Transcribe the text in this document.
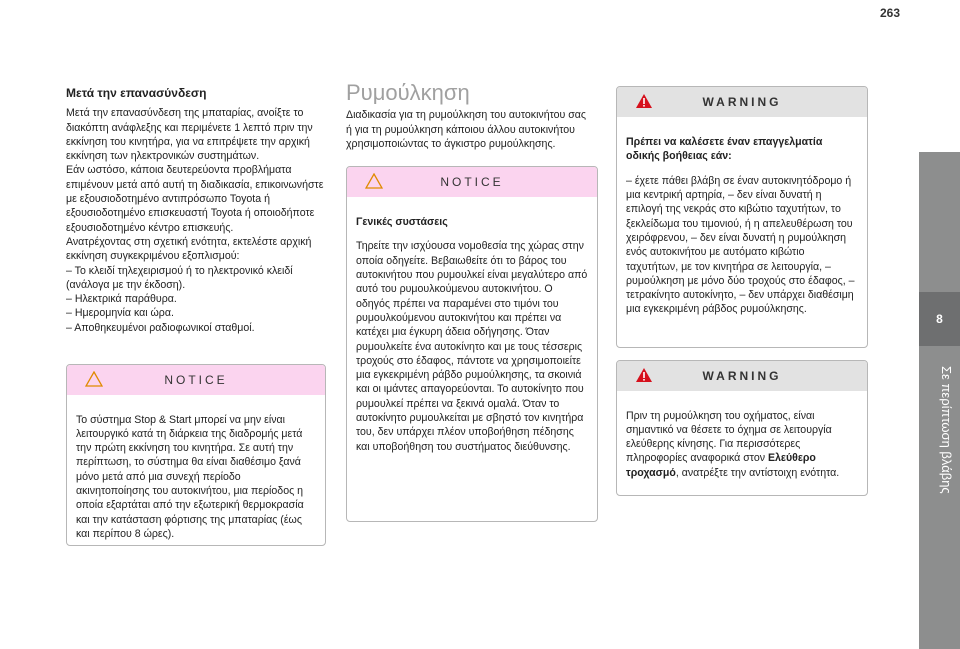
263
8
Σε περίπτωση βλάβης
Μετά την επανασύνδεση

Μετά την επανασύνδεση της μπαταρίας, ανοίξτε το
διακόπτη ανάφλεξης και περιμένετε 1 λεπτό πριν την
εκκίνηση του κινητήρα, για να επιτρέψετε την αρχική
εκκίνηση των ηλεκτρονικών συστημάτων.
Εάν ωστόσο, κάποια δευτερεύοντα προβλήματα
επιμένουν μετά από αυτή τη διαδικασία, επικοινωνήστε
με εξουσιοδοτημένο αντιπρόσωπο Toyota ή
εξουσιοδοτημένο επισκευαστή Toyota ή οποιοδήποτε
εξουσιοδοτημένο κέντρο επισκευής.
Ανατρέχοντας στη σχετική ενότητα, εκτελέστε αρχική
εκκίνηση συγκεκριμένου εξοπλισμού:
– Το κλειδί τηλεχειρισμού ή το ηλεκτρονικό κλειδί
(ανάλογα με την έκδοση).
– Ηλεκτρικά παράθυρα.
– Ημερομηνία και ώρα.
– Αποθηκευμένοι ραδιοφωνικοί σταθμοί.

NOTICE

Το σύστημα Stop & Start μπορεί να μην είναι λειτουργικό κατά τη διάρκεια της διαδρομής μετά την πρώτη εκκίνηση του κινητήρα. Σε αυτή την περίπτωση, το σύστημα θα είναι διαθέσιμο ξανά μόνο μετά από μια συνεχή περίοδο ακινητοποίησης του αυτοκινήτου, μια περίοδος η οποία εξαρτάται από την εξωτερική θερμοκρασία και την κατάσταση φόρτισης της μπαταρίας (έως και περίπου 8 ώρες).

Ρυμούλκηση

Διαδικασία για τη ρυμούλκηση του αυτοκινήτου σας
ή για τη ρυμούλκηση κάποιου άλλου αυτοκινήτου
χρησιμοποιώντας το άγκιστρο ρυμούλκησης.

NOTICE

Γενικές συστάσεις

Τηρείτε την ισχύουσα νομοθεσία της χώρας στην οποία οδηγείτε. Βεβαιωθείτε ότι το βάρος του αυτοκινήτου που ρυμουλκεί είναι μεγαλύτερο από αυτό του ρυμουλκούμενου αυτοκινήτου. Ο οδηγός πρέπει να παραμένει στο τιμόνι του ρυμουλκούμενου αυτοκινήτου και πρέπει να κατέχει μια έγκυρη άδεια οδήγησης. Όταν ρυμουλκείτε ένα αυτοκίνητο και με τους τέσσερις τροχούς στο έδαφος, πάντοτε να χρησιμοποιείτε μια εγκεκριμένη ράβδο ρυμούλκησης, τα σκοινιά και οι ιμάντες απαγορεύονται. Το αυτοκίνητο που ρυμουλκεί πρέπει να ξεκινά ομαλά. Όταν το αυτοκίνητο ρυμουλκείται με σβηστό τον κινητήρα του, δεν υπάρχει πλέον υποβοήθηση πέδησης και υποβοήθηση του συστήματος διεύθυνσης.

WARNING

Πρέπει να καλέσετε έναν επαγγελματία οδικής βοήθειας εάν:

– έχετε πάθει βλάβη σε έναν αυτοκινητόδρομο ή μια κεντρική αρτηρία, – δεν είναι δυνατή η επιλογή της νεκράς στο κιβώτιο ταχυτήτων, το ξεκλείδωμα του τιμονιού, ή η απελευθέρωση του χειρόφρενου, – δεν είναι δυνατή η ρυμούλκηση ενός αυτοκινήτου με αυτόματο κιβώτιο ταχυτήτων, με τον κινητήρα σε λειτουργία, – ρυμούλκηση με μόνο δύο τροχούς στο έδαφος, – τετρακίνητο αυτοκίνητο, – δεν υπάρχει διαθέσιμη μια εγκεκριμένη ράβδος ρυμούλκησης.

WARNING

Πριν τη ρυμούλκηση του οχήματος, είναι σημαντικό να θέσετε το όχημα σε λειτουργία ελεύθερης κίνησης. Για περισσότερες πληροφορίες αναφορικά στον Ελεύθερο τροχασμό, ανατρέξτε την αντίστοιχη ενότητα.
